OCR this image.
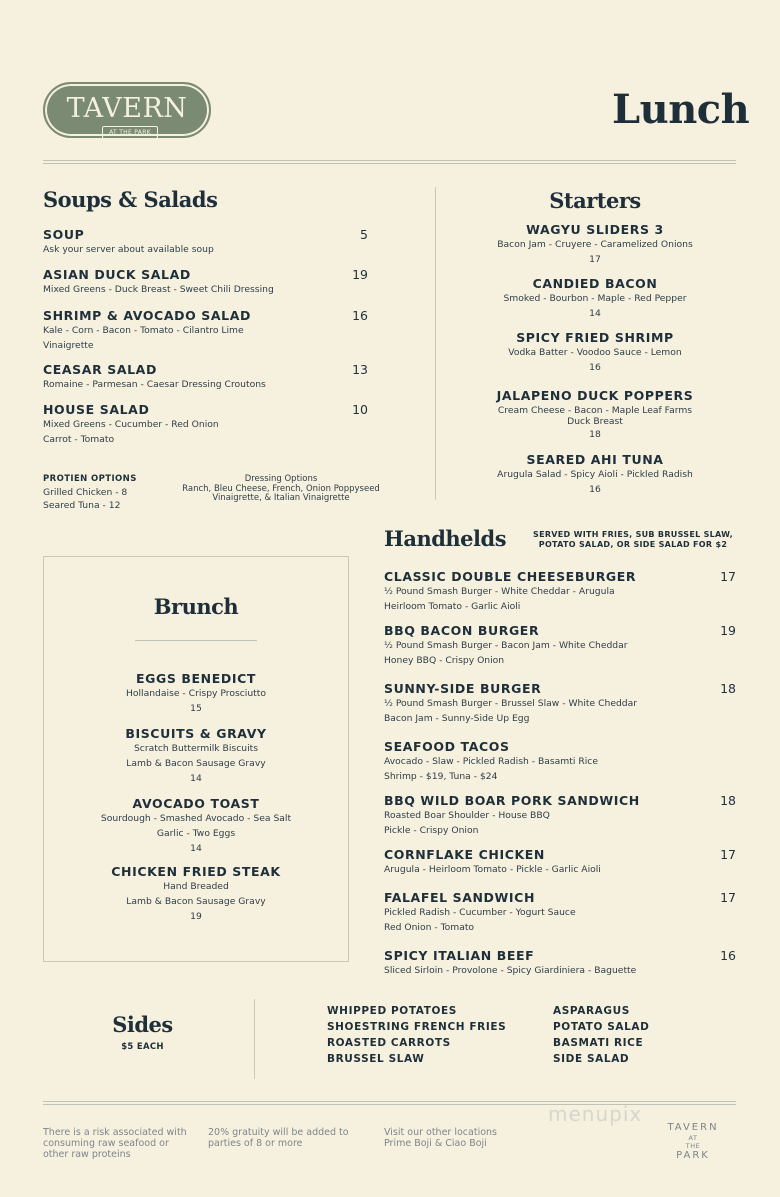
TAVERN
AT THE PARK	Lunch
Soups & Salads
SOUP	5
Ask your server about available soup
ASIAN DUCK SALAD	19
Mixed Greens - Duck Breast - Sweet Chili Dressing
SHRIMP & AVOCADO SALAD	16
Kale - Corn - Bacon - Tomato - Cilantro Lime
Vinaigrette
CEASAR SALAD	13
Romaine - Parmesan - Caesar Dressing Croutons
HOUSE SALAD	10
Mixed Greens - Cucumber - Red Onion
Carrot - Tomato
PROTIEN OPTIONS
Grilled Chicken - 8
Seared Tuna - 12
Dressing Options
Ranch, Bleu Cheese, French, Onion Poppyseed
Vinaigrette, & Italian Vinaigrette
Starters
WAGYU SLIDERS 3
Bacon Jam - Cruyere - Caramelized Onions
17
CANDIED BACON
Smoked - Bourbon - Maple - Red Pepper
14
SPICY FRIED SHRIMP
Vodka Batter - Voodoo Sauce - Lemon
16
JALAPENO DUCK POPPERS
Cream Cheese - Bacon - Maple Leaf Farms
Duck Breast
18
SEARED AHI TUNA
Arugula Salad - Spicy Aioli - Pickled Radish
16
Handhelds	SERVED WITH FRIES, SUB BRUSSEL SLAW,
POTATO SALAD, OR SIDE SALAD FOR $2
CLASSIC DOUBLE CHEESEBURGER	17
½ Pound Smash Burger - White Cheddar - Arugula
Heirloom Tomato - Garlic Aioli
BBQ BACON BURGER	19
½ Pound Smash Burger - Bacon Jam - White Cheddar
Honey BBQ - Crispy Onion
SUNNY-SIDE BURGER	18
½ Pound Smash Burger - Brussel Slaw - White Cheddar
Bacon Jam - Sunny-Side Up Egg
SEAFOOD TACOS
Avocado - Slaw - Pickled Radish - Basamti Rice
Shrimp - $19, Tuna - $24
BBQ WILD BOAR PORK SANDWICH	18
Roasted Boar Shoulder - House BBQ
Pickle - Crispy Onion
CORNFLAKE CHICKEN	17
Arugula - Heirloom Tomato - Pickle - Garlic Aioli
FALAFEL SANDWICH	17
Pickled Radish - Cucumber - Yogurt Sauce
Red Onion - Tomato
SPICY ITALIAN BEEF	16
Sliced Sirloin - Provolone - Spicy Giardiniera - Baguette
Brunch
EGGS BENEDICT
Hollandaise - Crispy Prosciutto
15
BISCUITS & GRAVY
Scratch Buttermilk Biscuits
Lamb & Bacon Sausage Gravy
14
AVOCADO TOAST
Sourdough - Smashed Avocado - Sea Salt
Garlic - Two Eggs
14
CHICKEN FRIED STEAK
Hand Breaded
Lamb & Bacon Sausage Gravy
19
Sides
$5 EACH
WHIPPED POTATOES
SHOESTRING FRENCH FRIES
ROASTED CARROTS
BRUSSEL SLAW
ASPARAGUS
POTATO SALAD
BASMATI RICE
SIDE SALAD
There is a risk associated with
consuming raw seafood or
other raw proteins
20% gratuity will be added to
parties of 8 or more
Visit our other locations
Prime Boji & Ciao Boji
menupix
TAVERN
AT
THE
PARK
